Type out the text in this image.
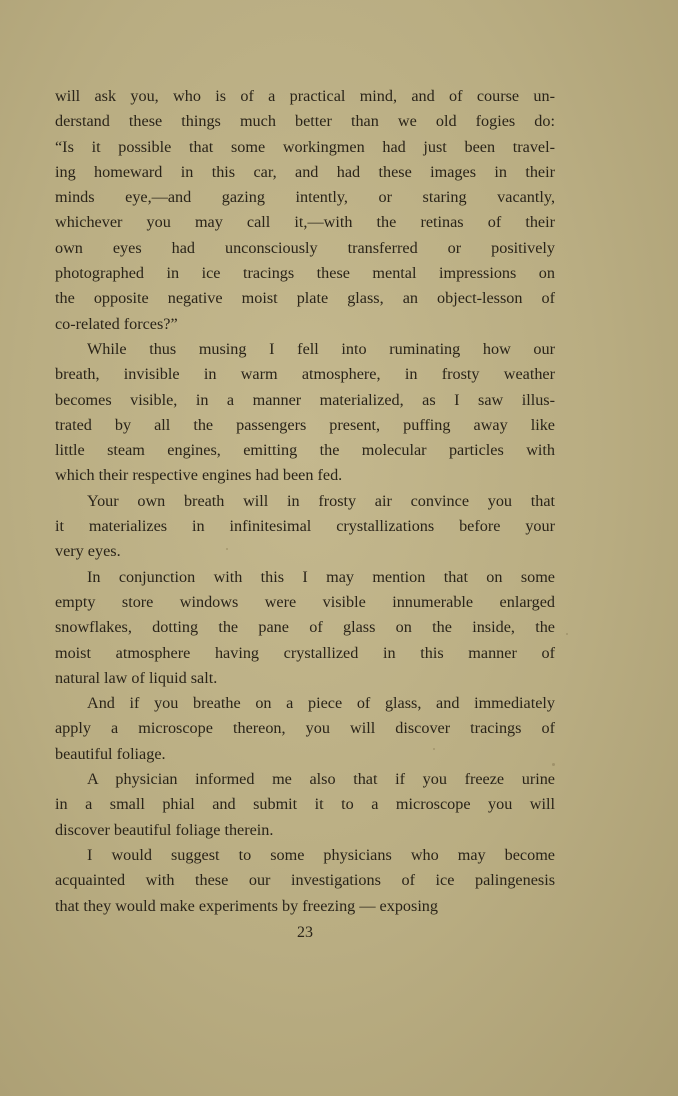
will ask you, who is of a practical mind, and of course un-
derstand these things much better than we old fogies do:
“Is it possible that some workingmen had just been travel-
ing homeward in this car, and had these images in their
minds eye,—and gazing intently, or staring vacantly,
whichever you may call it,—with the retinas of their
own eyes had unconsciously transferred or positively
photographed in ice tracings these mental impressions on
the opposite negative moist plate glass, an object-lesson of
co-related forces?”
While thus musing I fell into ruminating how our
breath, invisible in warm atmosphere, in frosty weather
becomes visible, in a manner materialized, as I saw illus-
trated by all the passengers present, puffing away like
little steam engines, emitting the molecular particles with
which their respective engines had been fed.
Your own breath will in frosty air convince you that
it materializes in infinitesimal crystallizations before your
very eyes.
In conjunction with this I may mention that on some
empty store windows were visible innumerable enlarged
snowflakes, dotting the pane of glass on the inside, the
moist atmosphere having crystallized in this manner of
natural law of liquid salt.
And if you breathe on a piece of glass, and immediately
apply a microscope thereon, you will discover tracings of
beautiful foliage.
A physician informed me also that if you freeze urine
in a small phial and submit it to a microscope you will
discover beautiful foliage therein.
I would suggest to some physicians who may become
acquainted with these our investigations of ice palingenesis
that they would make experiments by freezing — exposing
23
